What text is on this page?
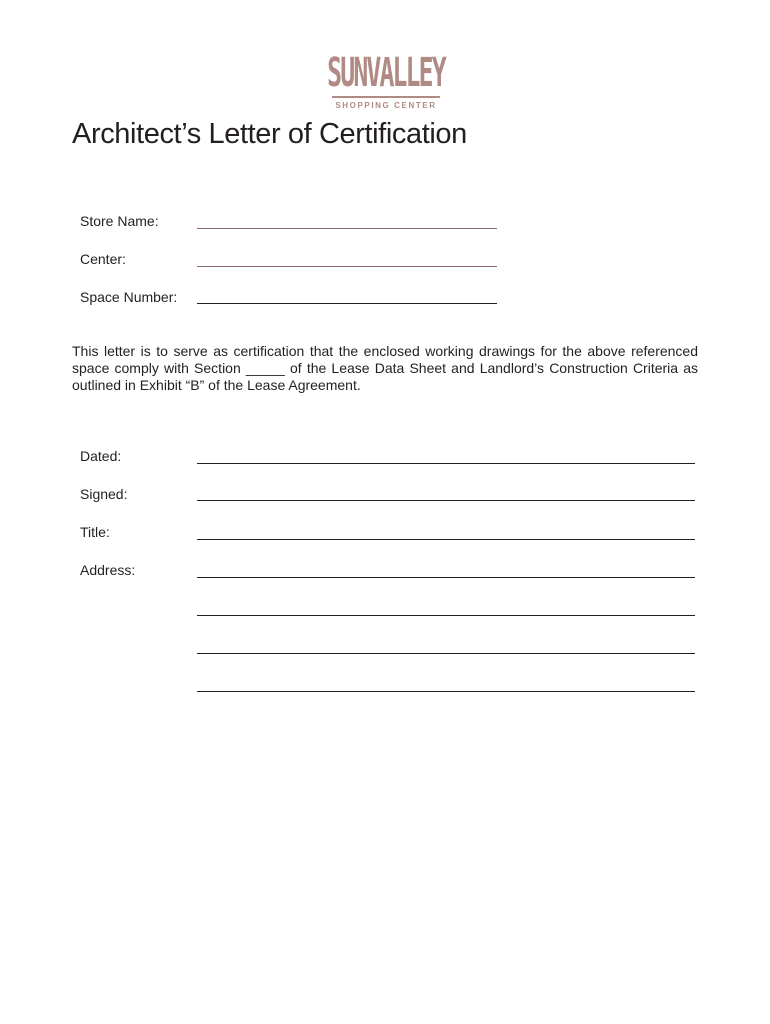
SUNVALLEY
SHOPPING CENTER
Architect’s Letter of Certification
Store Name:
Center:
Space Number:

This letter is to serve as certification that the enclosed working drawings for the above referenced space comply with Section _____ of the Lease Data Sheet and Landlord’s Construction Criteria as outlined in Exhibit “B” of the Lease Agreement.

Dated:
Signed:
Title:
Address:
